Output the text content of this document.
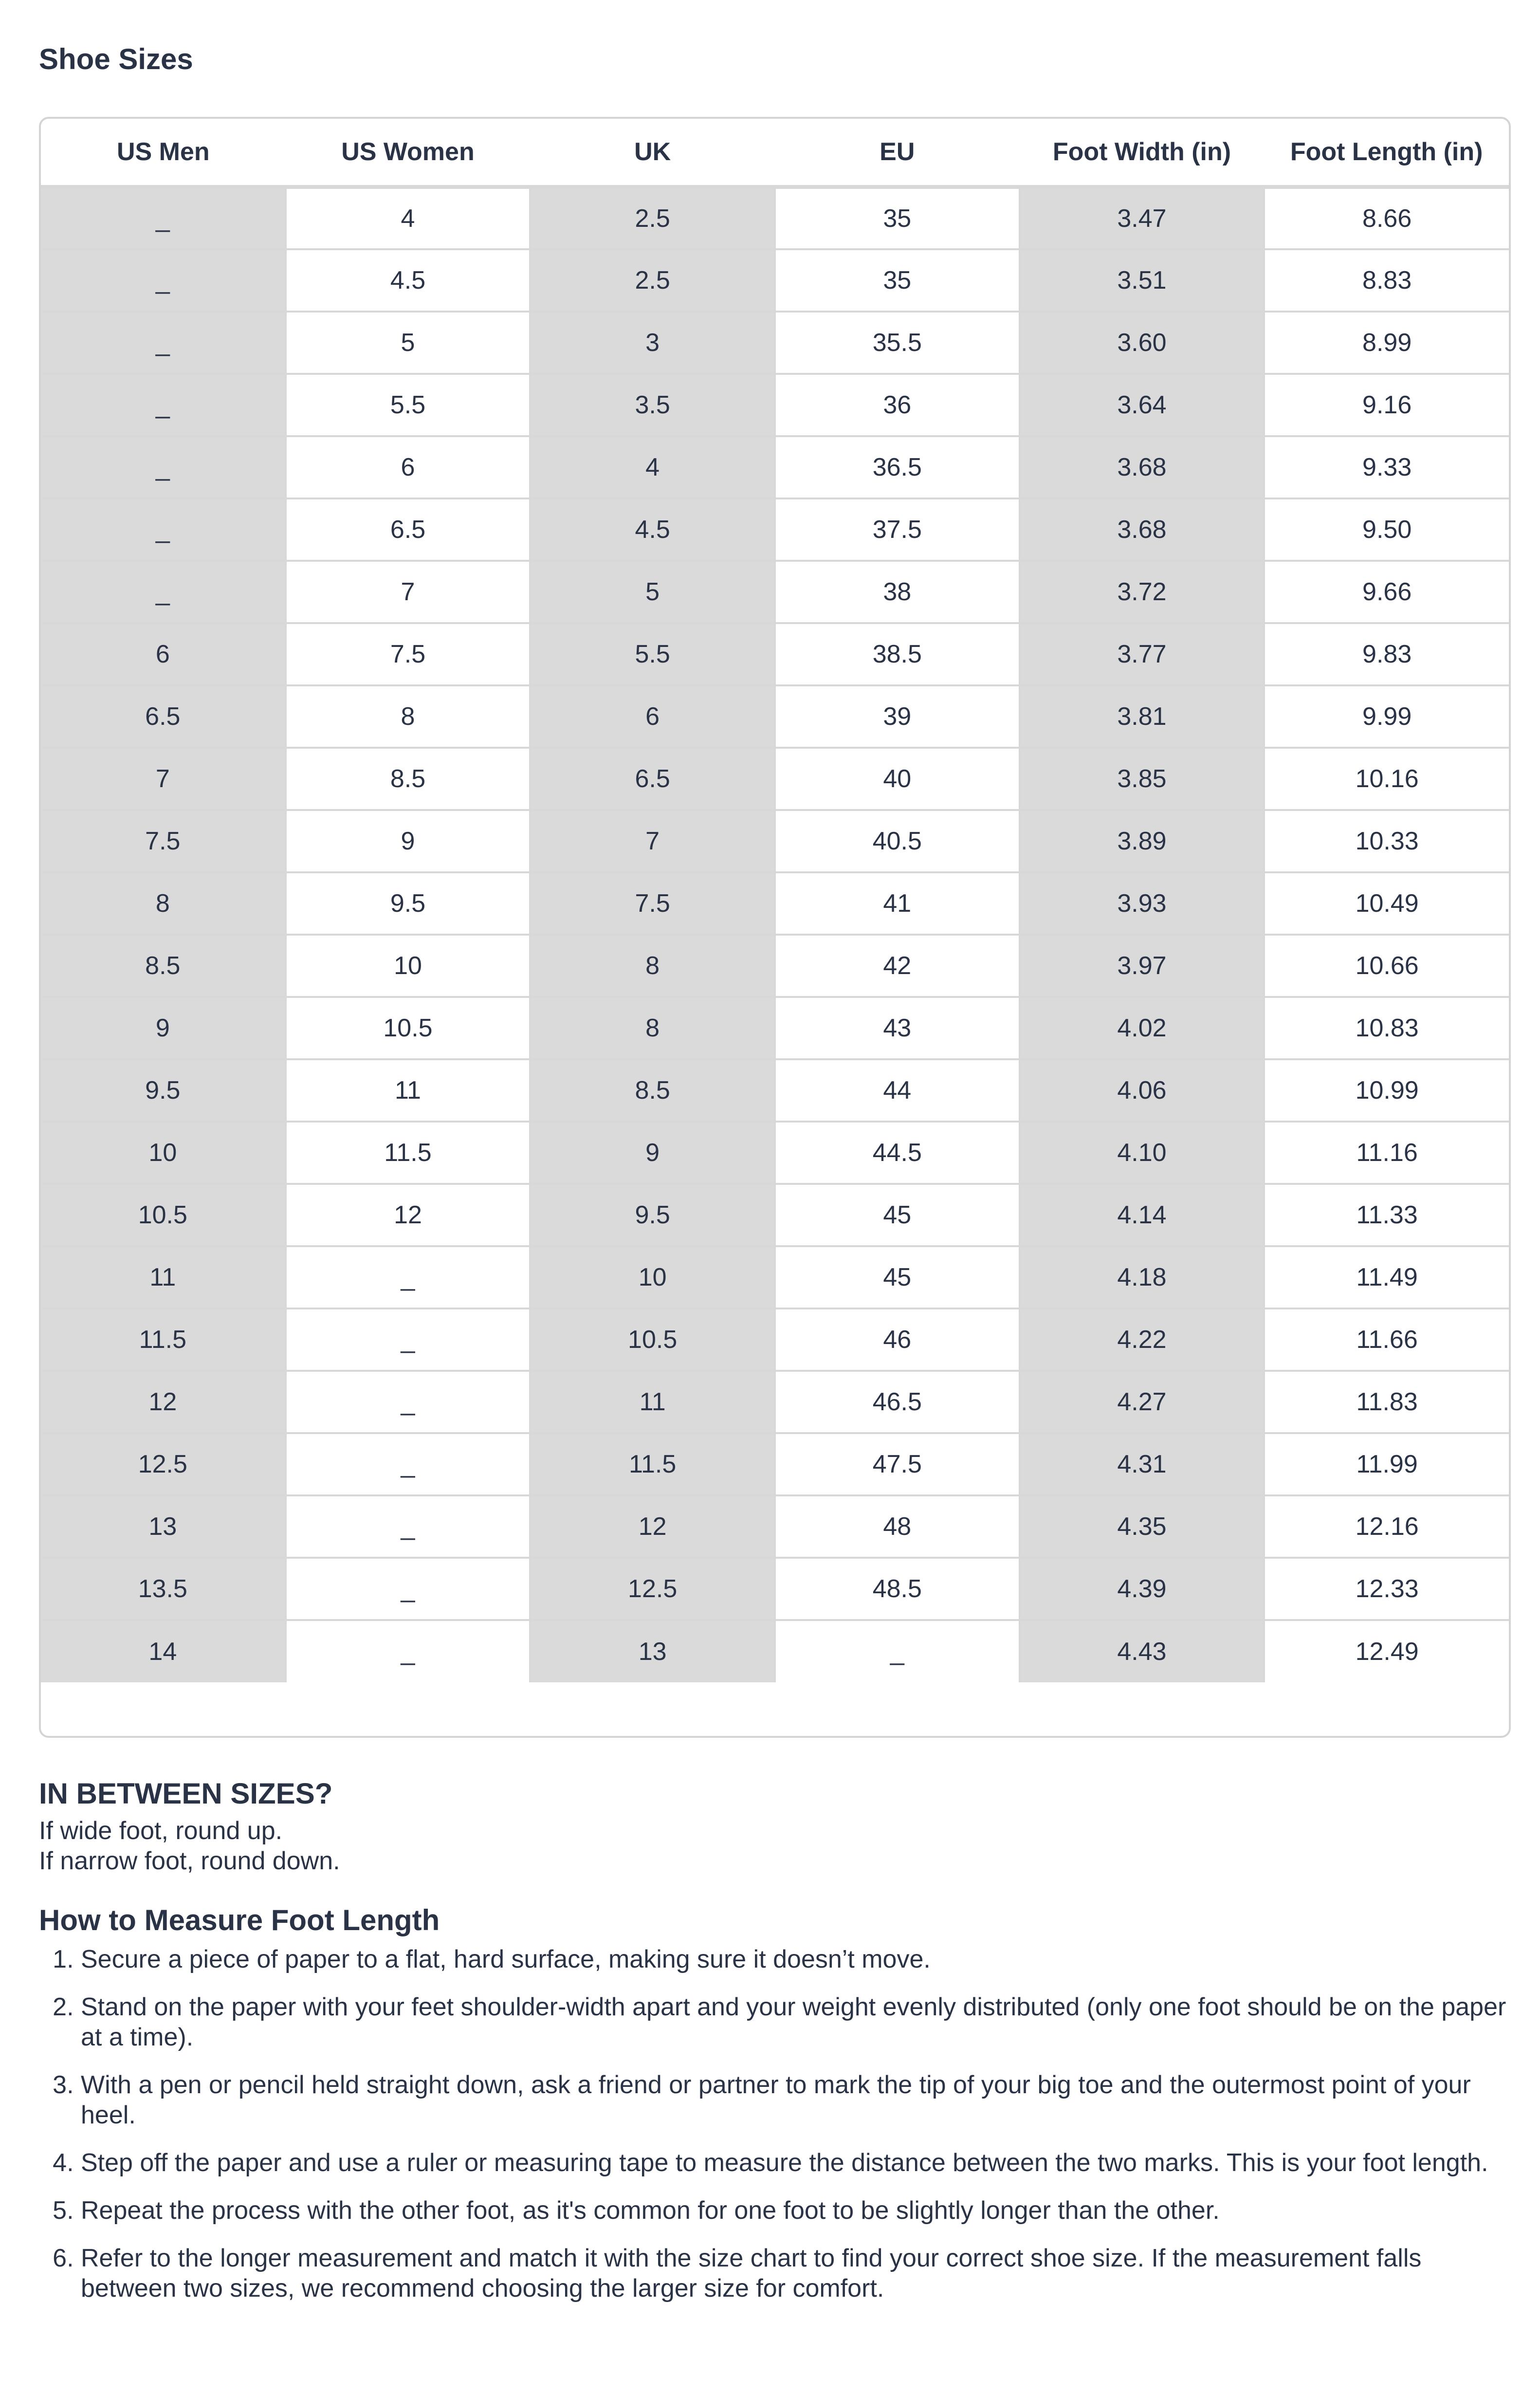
Shoe Sizes
US Men	US Women	UK	EU	Foot Width (in)	Foot Length (in)
_	4	2.5	35	3.47	8.66
_	4.5	2.5	35	3.51	8.83
_	5	3	35.5	3.60	8.99
_	5.5	3.5	36	3.64	9.16
_	6	4	36.5	3.68	9.33
_	6.5	4.5	37.5	3.68	9.50
_	7	5	38	3.72	9.66
6	7.5	5.5	38.5	3.77	9.83
6.5	8	6	39	3.81	9.99
7	8.5	6.5	40	3.85	10.16
7.5	9	7	40.5	3.89	10.33
8	9.5	7.5	41	3.93	10.49
8.5	10	8	42	3.97	10.66
9	10.5	8	43	4.02	10.83
9.5	11	8.5	44	4.06	10.99
10	11.5	9	44.5	4.10	11.16
10.5	12	9.5	45	4.14	11.33
11	_	10	45	4.18	11.49
11.5	_	10.5	46	4.22	11.66
12	_	11	46.5	4.27	11.83
12.5	_	11.5	47.5	4.31	11.99
13	_	12	48	4.35	12.16
13.5	_	12.5	48.5	4.39	12.33
14	_	13	_	4.43	12.49

IN BETWEEN SIZES?

If wide foot, round up.

If narrow foot, round down.

How to Measure Foot Length

1. Secure a piece of paper to a flat, hard surface, making sure it doesn’t move.
2. Stand on the paper with your feet shoulder-width apart and your weight evenly distributed (only one foot should be on the paper at a time).
3. With a pen or pencil held straight down, ask a friend or partner to mark the tip of your big toe and the outermost point of your heel.
4. Step off the paper and use a ruler or measuring tape to measure the distance between the two marks. This is your foot length.
5. Repeat the process with the other foot, as it's common for one foot to be slightly longer than the other.
6. Refer to the longer measurement and match it with the size chart to find your correct shoe size. If the measurement falls between two sizes, we recommend choosing the larger size for comfort.
